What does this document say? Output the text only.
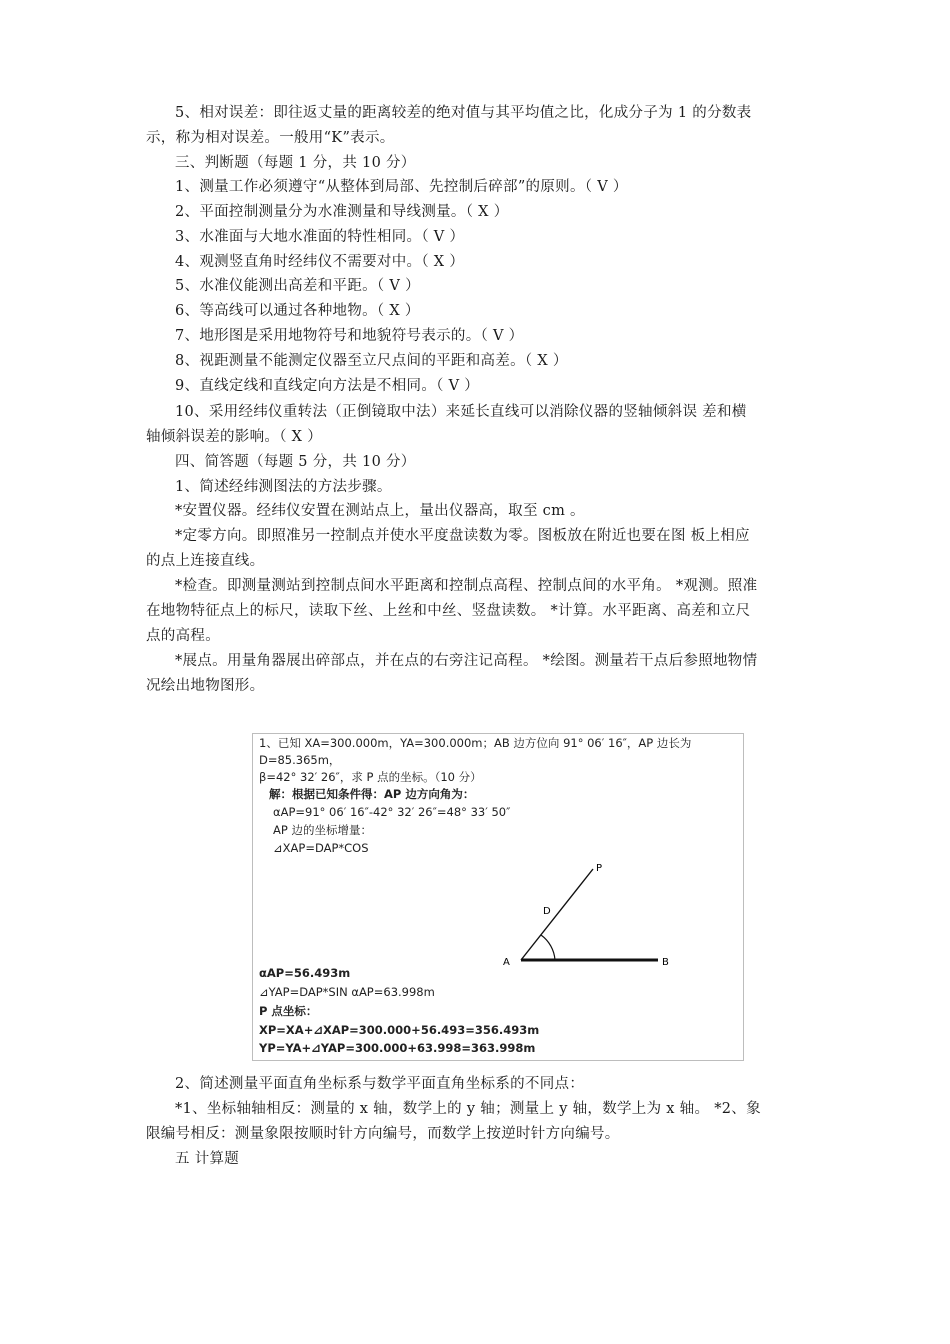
5、相对误差：即往返丈量的距离较差的绝对值与其平均值之比，化成分子为 1 的分数表
示，称为相对误差。一般用“K”表示。
三、判断题（每题 1 分，共 10 分）
1、测量工作必须遵守“从整体到局部、先控制后碎部”的原则。（ V ）
2、平面控制测量分为水准测量和导线测量。（ X ）
3、水准面与大地水准面的特性相同。（ V ）
4、观测竖直角时经纬仪不需要对中。（ X ）
5、水准仪能测出高差和平距。（ V ）
6、等高线可以通过各种地物。（ X ）
7、地形图是采用地物符号和地貌符号表示的。（ V ）
8、视距测量不能测定仪器至立尺点间的平距和高差。（ X ）
9、直线定线和直线定向方法是不相同。（ V ）
10、采用经纬仪重转法（正倒镜取中法）来延长直线可以消除仪器的竖轴倾斜误 差和横
轴倾斜误差的影响。（ X ）
四、简答题（每题 5 分，共 10 分）
1、简述经纬测图法的方法步骤。
*安置仪器。经纬仪安置在测站点上，量出仪器高，取至 cm 。
*定零方向。即照准另一控制点并使水平度盘读数为零。图板放在附近也要在图 板上相应
的点上连接直线。
*检查。即测量测站到控制点间水平距离和控制点高程、控制点间的水平角。 *观测。照准
在地物特征点上的标尺，读取下丝、上丝和中丝、竖盘读数。 *计算。水平距离、高差和立尺
点的高程。
*展点。用量角器展出碎部点，并在点的右旁注记高程。 *绘图。测量若干点后参照地物情
况绘出地物图形。
1、已知 XA=300.000m，YA=300.000m；AB 边方位向 91° 06′ 16″，AP 边长为
D=85.365m，
β=42° 32′ 26″，求 P 点的坐标。（10 分）
解：根据已知条件得：AP 边方向角为：
αAP=91° 06′ 16″-42° 32′ 26″=48° 33′ 50″
AP 边的坐标增量：
⊿XAP=DAP*COS
αAP=56.493m
⊿YAP=DAP*SIN αAP=63.998m
P 点坐标：
XP=XA+⊿XAP=300.000+56.493=356.493m
YP=YA+⊿YAP=300.000+63.998=363.998m
P
D
A	B
2、简述测量平面直角坐标系与数学平面直角坐标系的不同点：
*1、坐标轴轴相反：测量的 x 轴，数学上的 y 轴；测量上 y 轴，数学上为 x 轴。 *2、象
限编号相反：测量象限按顺时针方向编号，而数学上按逆时针方向编号。
五 计算题
